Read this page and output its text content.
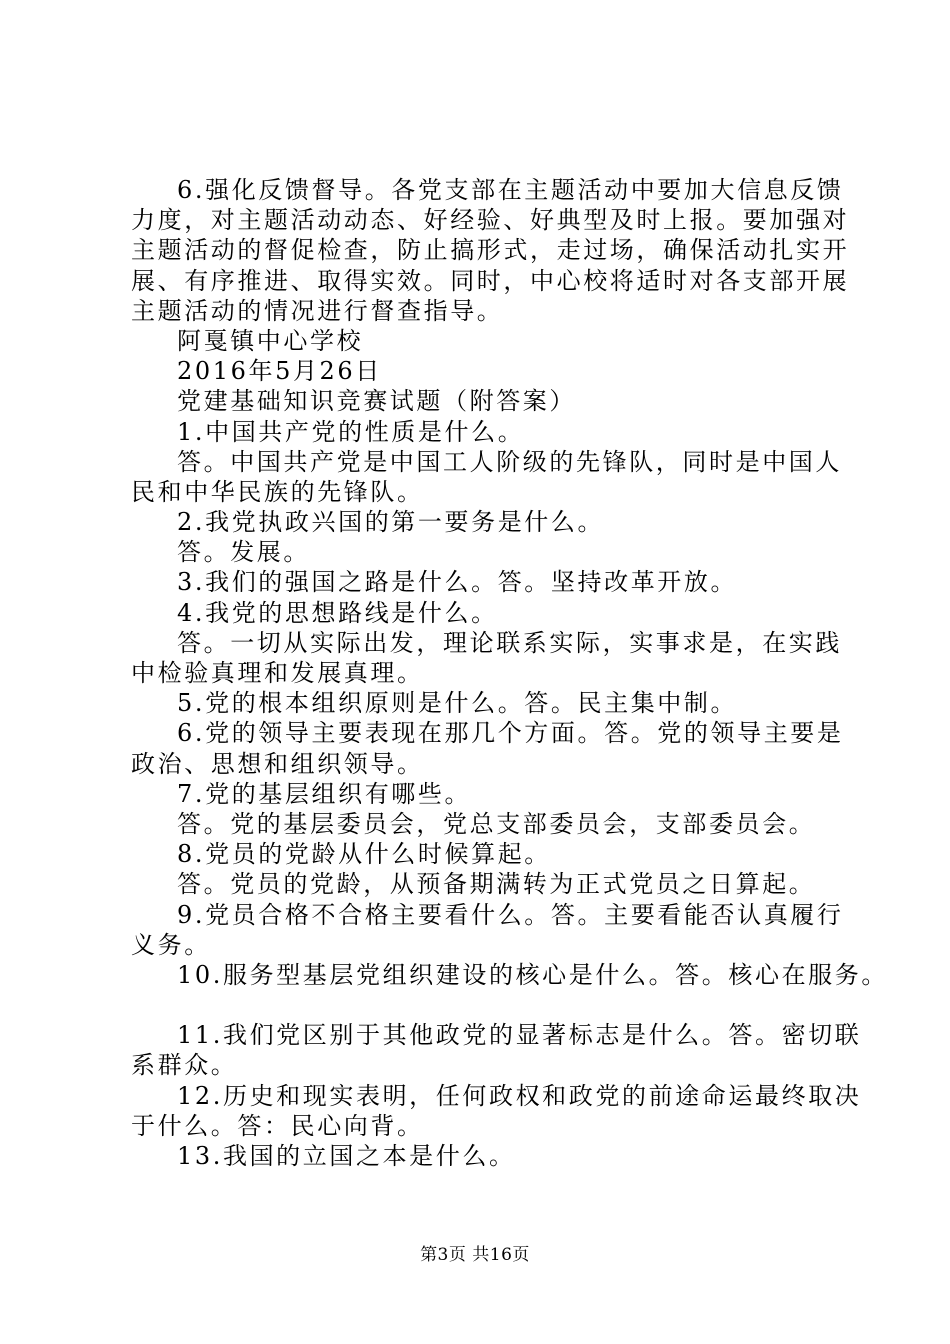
6.强化反馈督导。各党支部在主题活动中要加大信息反馈
力度，对主题活动动态、好经验、好典型及时上报。要加强对
主题活动的督促检查，防止搞形式，走过场，确保活动扎实开
展、有序推进、取得实效。同时，中心校将适时对各支部开展
主题活动的情况进行督查指导。
阿戛镇中心学校
2016年5月26日
党建基础知识竞赛试题（附答案）
1.中国共产党的性质是什么。
答。中国共产党是中国工人阶级的先锋队，同时是中国人
民和中华民族的先锋队。
2.我党执政兴国的第一要务是什么。
答。发展。
3.我们的强国之路是什么。答。坚持改革开放。
4.我党的思想路线是什么。
答。一切从实际出发，理论联系实际，实事求是，在实践
中检验真理和发展真理。
5.党的根本组织原则是什么。答。民主集中制。
6.党的领导主要表现在那几个方面。答。党的领导主要是
政治、思想和组织领导。
7.党的基层组织有哪些。
答。党的基层委员会，党总支部委员会，支部委员会。
8.党员的党龄从什么时候算起。
答。党员的党龄，从预备期满转为正式党员之日算起。
9.党员合格不合格主要看什么。答。主要看能否认真履行
义务。
10.服务型基层党组织建设的核心是什么。答。核心在服务。
11.我们党区别于其他政党的显著标志是什么。答。密切联
系群众。
12.历史和现实表明，任何政权和政党的前途命运最终取决
于什么。答：民心向背。
13.我国的立国之本是什么。
第3页 共16页
